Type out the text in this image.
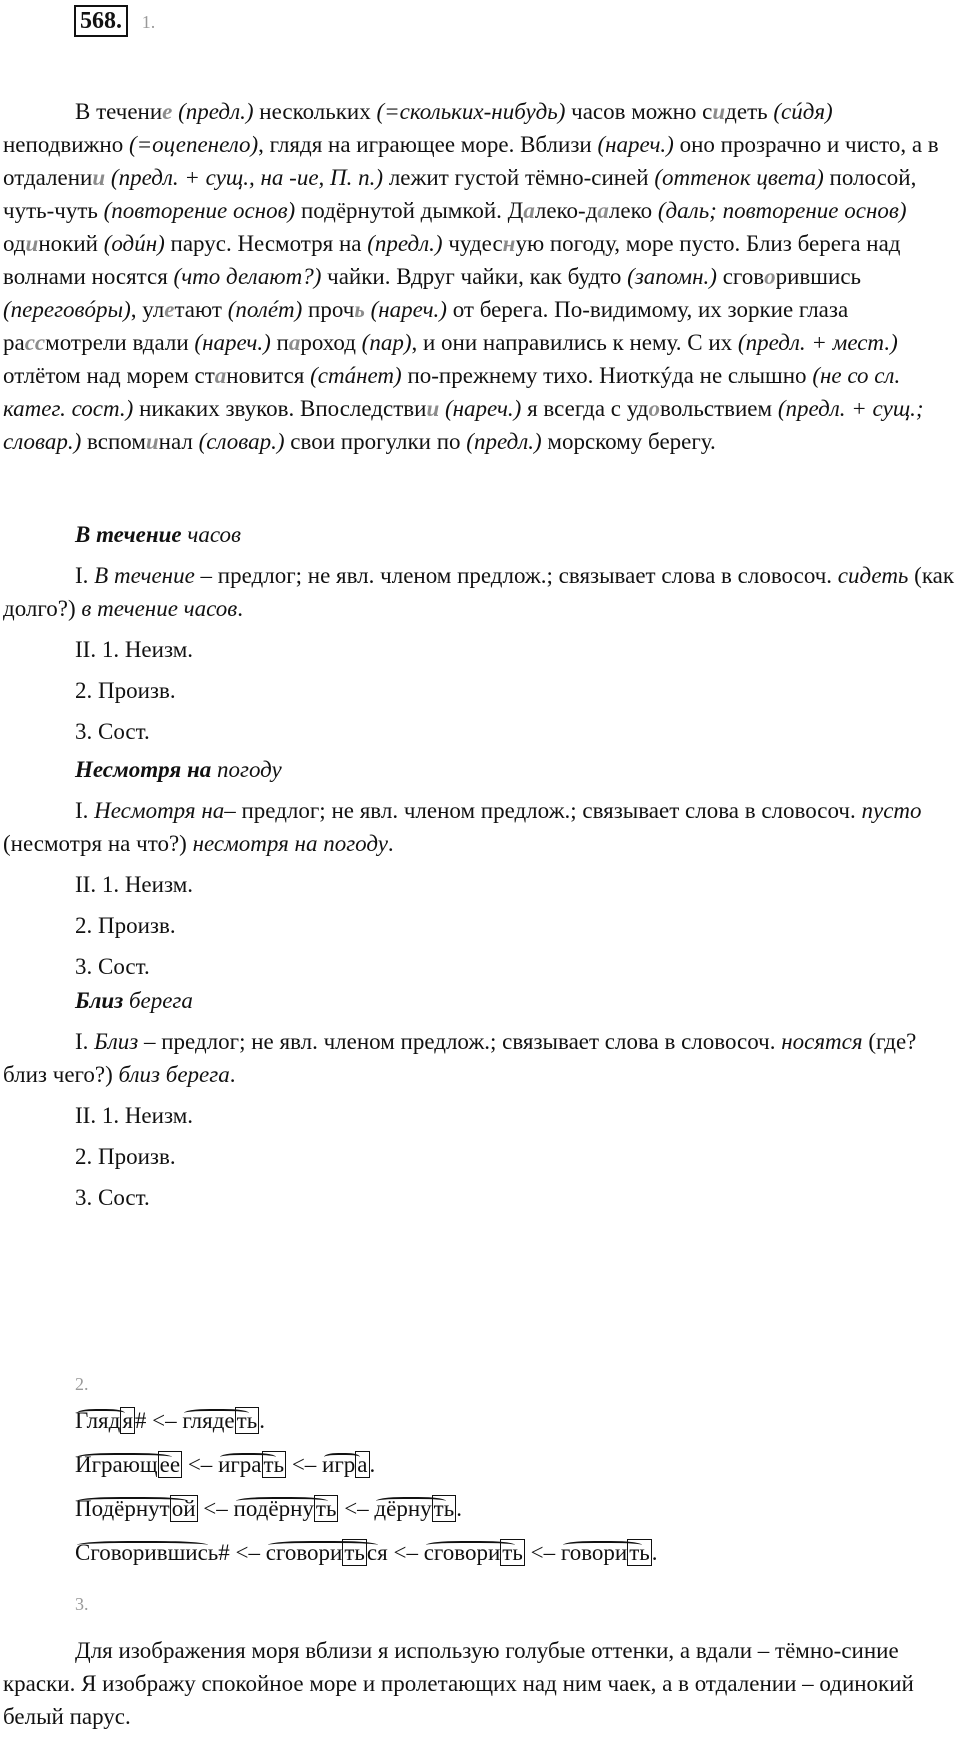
568. 1.

В течение (предл.) нескольких (=скольких-нибудь) часов можно сидеть (сúдя) неподвижно (=оцепенело), глядя на играющее море. Вблизи (нареч.) оно прозрачно и чисто, а в отдалении (предл. + сущ., на -ие, П. п.) лежит густой тёмно-синей (оттенок цвета) полосой, чуть-чуть (повторение основ) подёрнутой дымкой. Далеко-далеко (даль; повторение основ) одинокий (одúн) парус. Несмотря на (предл.) чудесную погоду, море пусто. Близ берега над волнами носятся (что делают?) чайки. Вдруг чайки, как будто (запомн.) сговорившись (переговóры), улетают (полéт) прочь (нареч.) от берега. По-видимому, их зоркие глаза рассмотрели вдали (нареч.) пароход (пар), и они направились к нему. С их (предл. + мест.) отлётом над морем становится (стáнет) по-прежнему тихо. Ниоткýда не слышно (не со сл. катег. сост.) никаких звуков. Впоследствии (нареч.) я всегда с удовольствием (предл. + сущ.; словар.) вспоминал (словар.) свои прогулки по (предл.) морскому берегу.

В течение часов
I. В течение – предлог; не явл. членом предлож.; связывает слова в словосоч. сидеть (как долго?) в течение часов.
II. 1. Неизм.
2. Произв.
3. Сост.
Несмотря на погоду
I. Несмотря на– предлог; не явл. членом предлож.; связывает слова в словосоч. пусто (несмотря на что?) несмотря на погоду.
II. 1. Неизм.
2. Произв.
3. Сост.
Близ берега
I. Близ – предлог; не явл. членом предлож.; связывает слова в словосоч. носятся (где? близ чего?) близ берега.
II. 1. Неизм.
2. Произв.
3. Сост.
2.
Глядя# <–
глядеть.
Играющее <–
играть <–
игра.
Подёрнутой <–
подёрнуть <–
дёрнуть.
Сговорившись# <–
сговориться <–
сговорить <–
говорить.
3.

Для изображения моря вблизи я использую голубые оттенки, а вдали – тёмно-синие краски. Я изображу спокойное море и пролетающих над ним чаек, а в отдалении – одинокий белый парус.
